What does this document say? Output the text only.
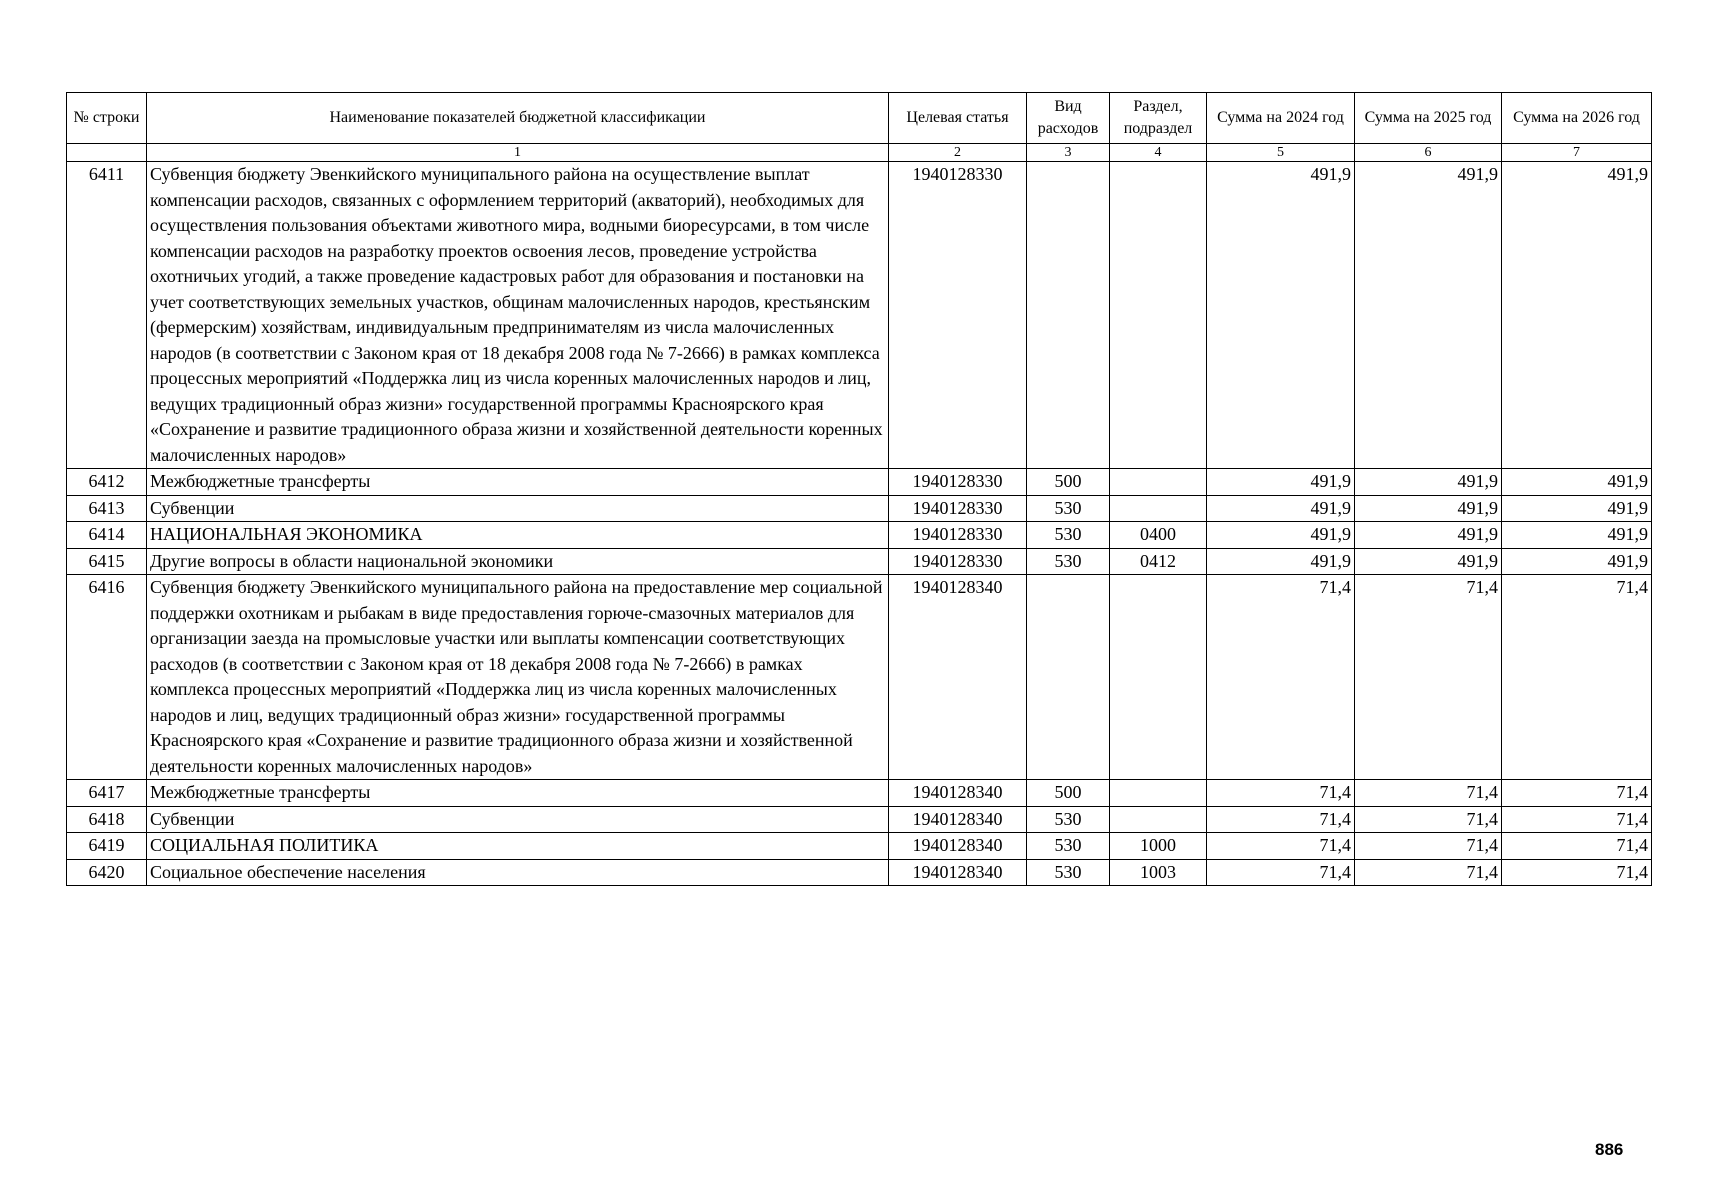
№ строки	Наименование показателей бюджетной классификации	Целевая статья	Вид расходов	Раздел, подраздел	Сумма на 2024 год	Сумма на 2025 год	Сумма на 2026 год
	1	2	3	4	5	6	7
6411	Субвенция бюджету Эвенкийского муниципального района на осуществление выплат компенсации расходов, связанных с оформлением территорий (акваторий), необходимых для осуществления пользования объектами животного мира, водными биоресурсами, в том числе компенсации расходов на разработку проектов освоения лесов, проведение устройства охотничьих угодий, а также проведение кадастровых работ для образования и постановки на учет соответствующих земельных участков, общинам малочисленных народов, крестьянским (фермерским) хозяйствам, индивидуальным предпринимателям из числа малочисленных народов (в соответствии с Законом края от 18 декабря 2008 года № 7-2666) в рамках комплекса процессных мероприятий «Поддержка лиц из числа коренных малочисленных народов и лиц, ведущих традиционный образ жизни» государственной программы Красноярского края «Сохранение и развитие традиционного образа жизни и хозяйственной деятельности коренных малочисленных народов»	1940128330			491,9	491,9	491,9
6412	Межбюджетные трансферты	1940128330	500		491,9	491,9	491,9
6413	Субвенции	1940128330	530		491,9	491,9	491,9
6414	НАЦИОНАЛЬНАЯ ЭКОНОМИКА	1940128330	530	0400	491,9	491,9	491,9
6415	Другие вопросы в области национальной экономики	1940128330	530	0412	491,9	491,9	491,9
6416	Субвенция бюджету Эвенкийского муниципального района на предоставление мер социальной поддержки охотникам и рыбакам в виде предоставления горюче-смазочных материалов для организации заезда на промысловые участки или выплаты компенсации соответствующих расходов (в соответствии с Законом края от 18 декабря 2008 года № 7-2666) в рамках комплекса процессных мероприятий «Поддержка лиц из числа коренных малочисленных народов и лиц, ведущих традиционный образ жизни» государственной программы Красноярского края «Сохранение и развитие традиционного образа жизни и хозяйственной деятельности коренных малочисленных народов»	1940128340			71,4	71,4	71,4
6417	Межбюджетные трансферты	1940128340	500		71,4	71,4	71,4
6418	Субвенции	1940128340	530		71,4	71,4	71,4
6419	СОЦИАЛЬНАЯ ПОЛИТИКА	1940128340	530	1000	71,4	71,4	71,4
6420	Социальное обеспечение населения	1940128340	530	1003	71,4	71,4	71,4
886
